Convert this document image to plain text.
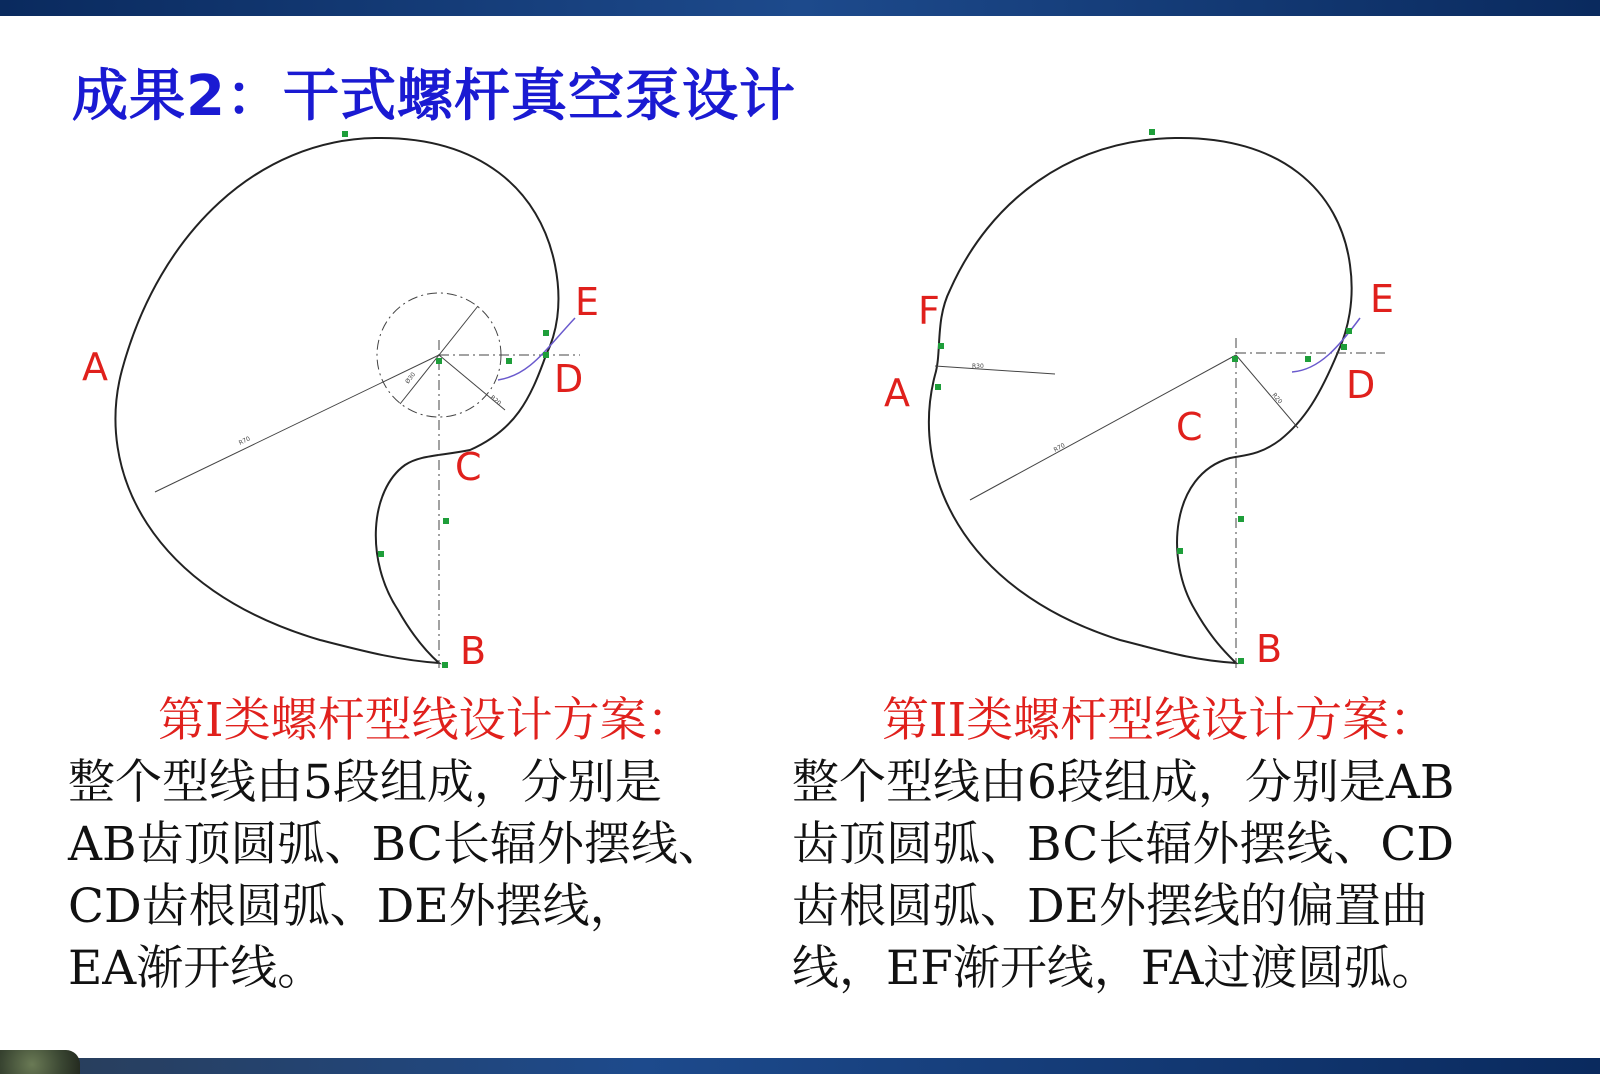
成果2：干式螺杆真空泵设计
R70
Ø30
R20
A
B
C
D
E
R70
R30
R20
A
B
C
D
E
F
第I类螺杆型线设计方案：
整个型线由5段组成，分别是
AB齿顶圆弧、BC长辐外摆线、
CD齿根圆弧、DE外摆线，
EA渐开线。
第II类螺杆型线设计方案：
整个型线由6段组成，分别是AB
齿顶圆弧、BC长辐外摆线、CD
齿根圆弧、DE外摆线的偏置曲
线，EF渐开线，FA过渡圆弧。
